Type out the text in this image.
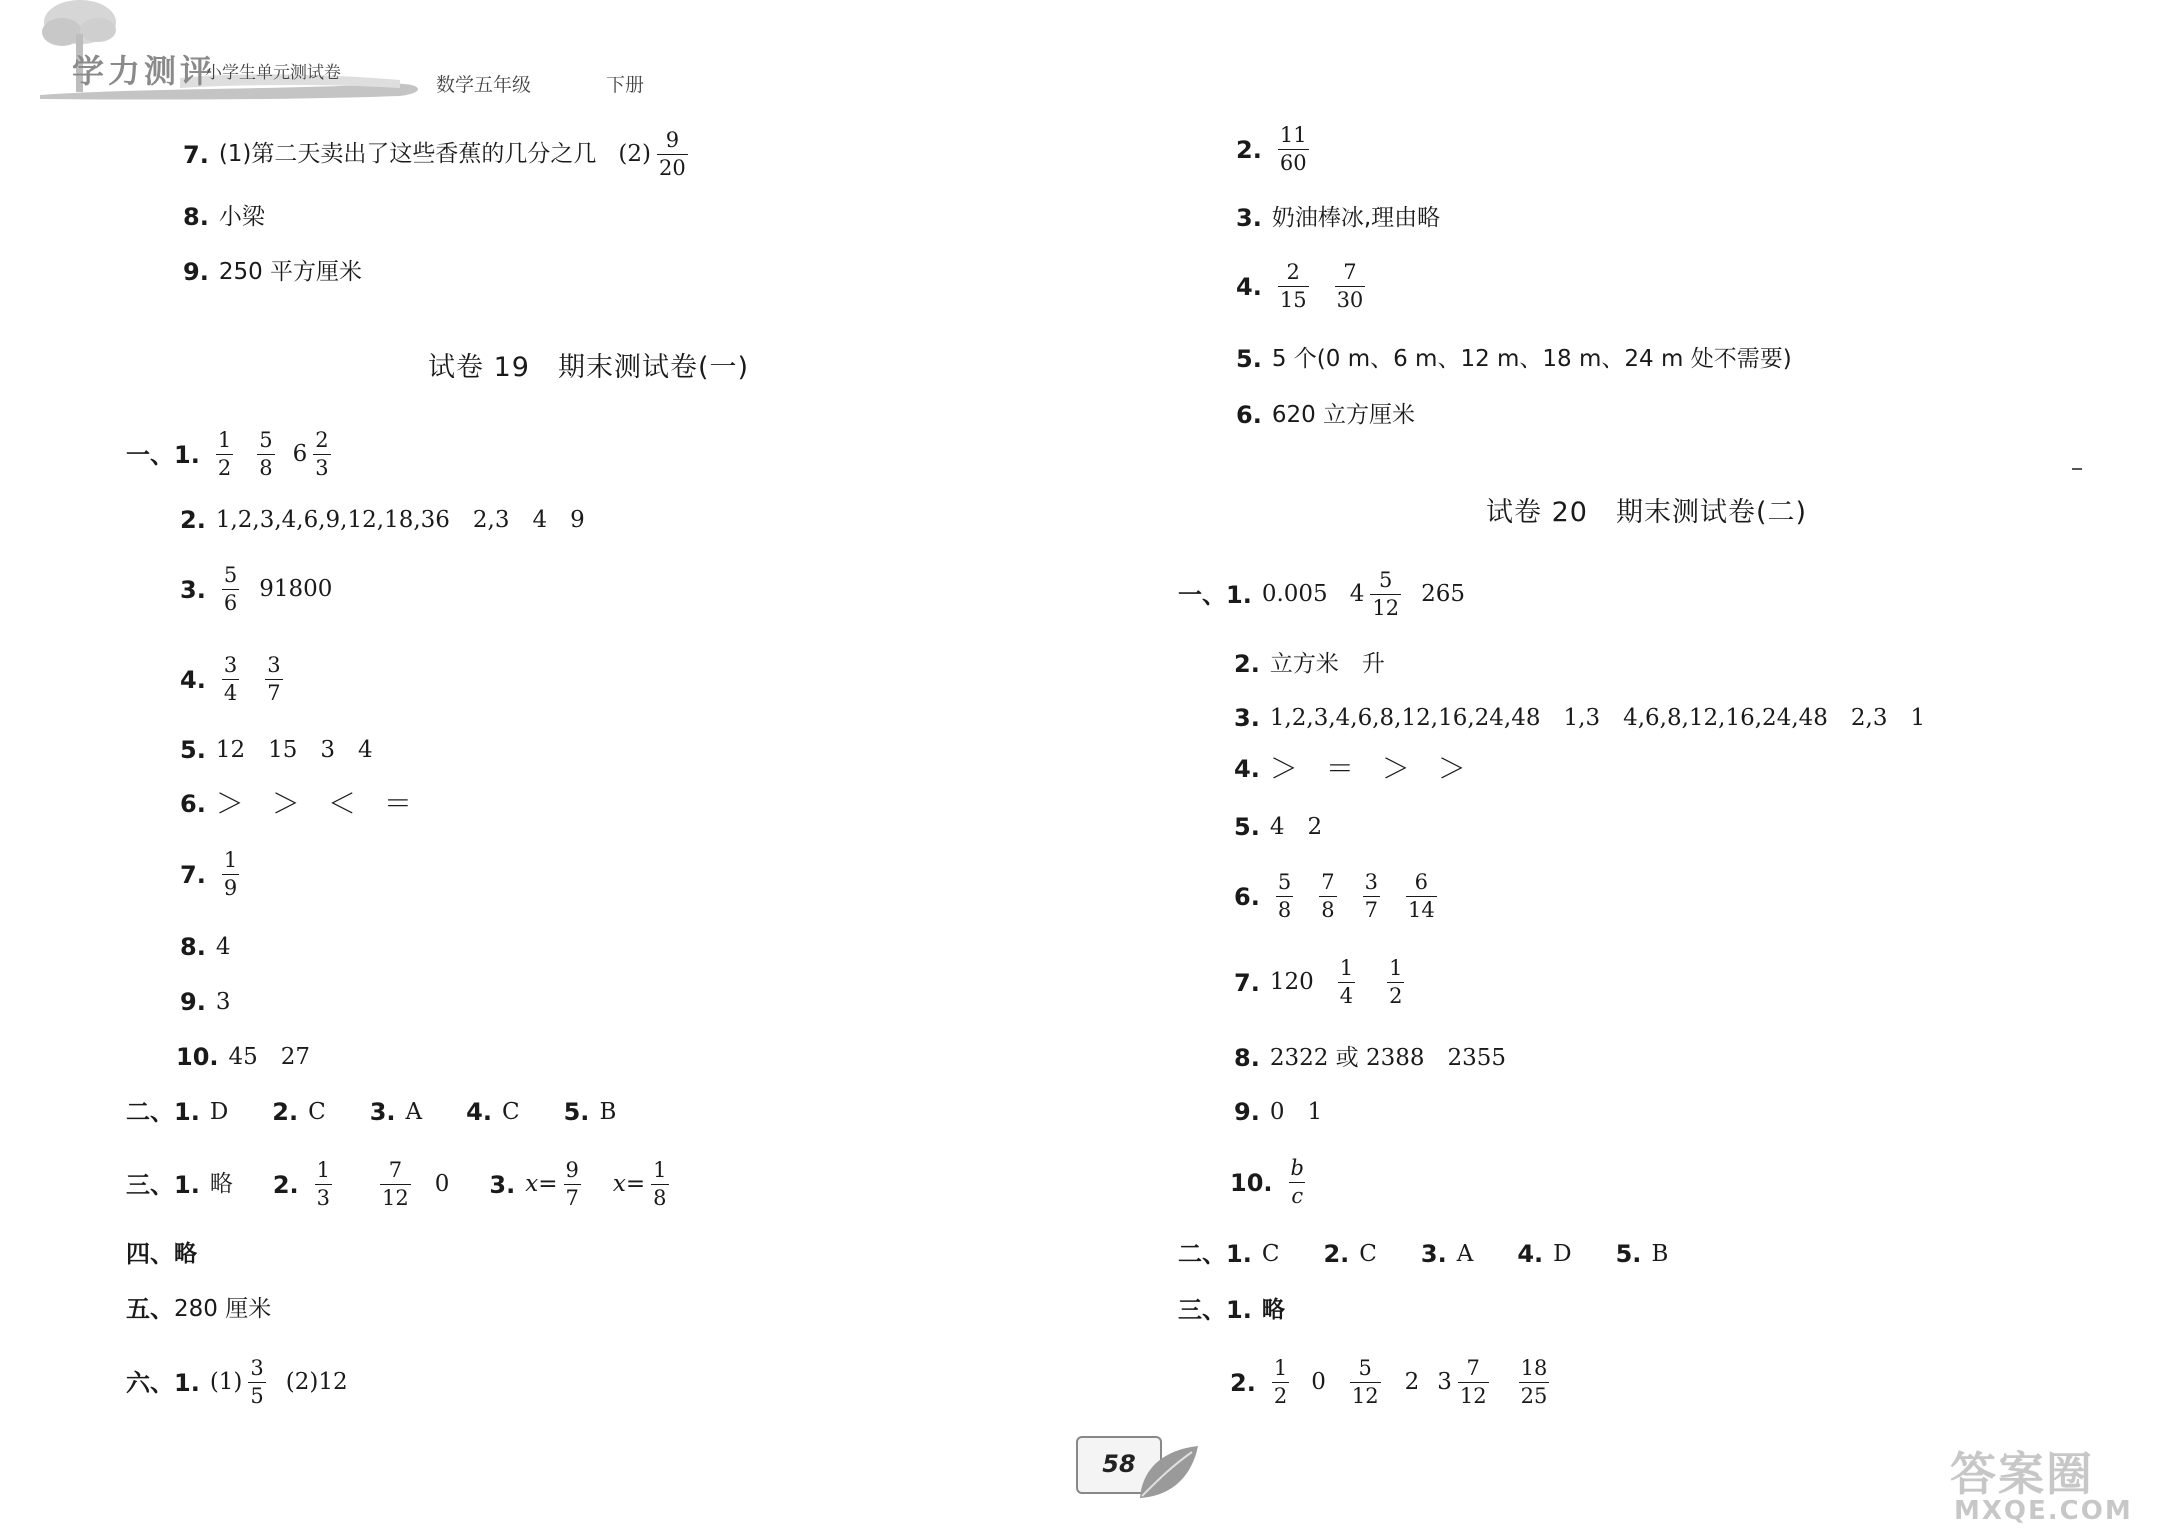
学力测评
小学生单元测试卷
数学五年级	下册
7. (1)第二天卖出了这些香蕉的几分之几 $(2) \frac{9}{20}$
8. 小梁
9. 250 平方厘米
试卷 19　期末测试卷(一)
一、 1. $\frac{1}{2} \frac{5}{8} 6 \frac{2}{3}$
2. 1,2,3,4,6,9,12,18,36　2,3　4　9
3. $\frac{5}{6} 91800$
4. $\frac{3}{4} \frac{3}{7}$
5. 12　15　3　4
6. ＞　＞　＜　＝
7. $\frac{1}{9}$
8. 4
9. 3
10. 45　27
二、 1. D 2. C 3. A 4. C 5. B
三、 1. 略 2. $\frac{1}{3} \frac{7}{12} 0$ 3. $x = \frac{9}{7}$ $x = \frac{1}{8}$
四、 略
五、 280 厘米
六、 1. $(1) \frac{3}{5} (2)12$
2. $\frac{11}{60}$
3. 奶油棒冰,理由略
4. $\frac{2}{15} \frac{7}{30}$
5. 5 个(0 m、6 m、12 m、18 m、24 m 处不需要)
6. 620 立方厘米
试卷 20　期末测试卷(二)
一、 1. 0.005 $4 \frac{5}{12} 265$
2. 立方米　升
3. 1,2,3,4,6,8,12,16,24,48　1,3　4,6,8,12,16,24,48　2,3　1
4. ＞　＝　＞　＞
5. 4　2
6. $\frac{5}{8} \frac{7}{8} \frac{3}{7} \frac{6}{14}$
7. $120 \frac{1}{4} \frac{1}{2}$
8. 2322 或 2388　2355
9. 0　1
10. $\frac{b}{c}$
二、 1. C 2. C 3. A 4. D 5. B
三、 1. 略
2. $\frac{1}{2} 0 \frac{5}{12} 2$ $3 \frac{7}{12} \frac{18}{25}$
58	答案圈
MXQE.COM
